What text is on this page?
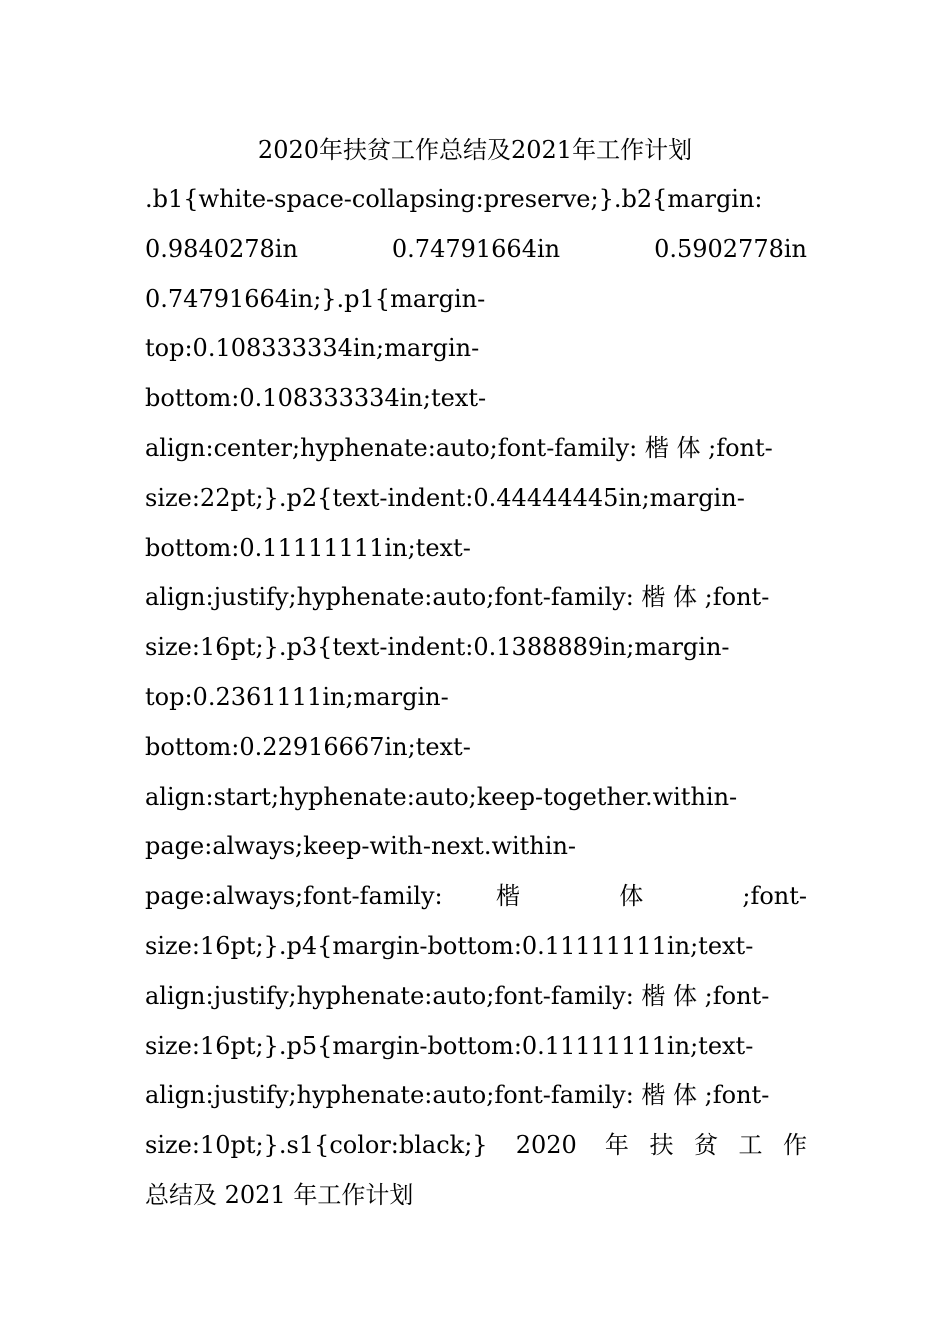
2020年扶贫工作总结及2021年工作计划
.b1{white-space-collapsing:preserve;}.b2{margin:
0.9840278in 0.74791664in 0.5902778in
0.74791664in;}.p1{margin-
top:0.108333334in;margin-
bottom:0.108333334in;text-
align:center;hyphenate:auto;font-family: 楷 体 ;font-
size:22pt;}.p2{text-indent:0.44444445in;margin-
bottom:0.11111111in;text-
align:justify;hyphenate:auto;font-family: 楷 体 ;font-
size:16pt;}.p3{text-indent:0.1388889in;margin-
top:0.2361111in;margin-
bottom:0.22916667in;text-
align:start;hyphenate:auto;keep-together.within-
page:always;keep-with-next.within-
page:always;font-family: 楷 体 ;font-
size:16pt;}.p4{margin-bottom:0.11111111in;text-
align:justify;hyphenate:auto;font-family: 楷 体 ;font-
size:16pt;}.p5{margin-bottom:0.11111111in;text-
align:justify;hyphenate:auto;font-family: 楷 体 ;font-
size:10pt;}.s1{color:black;} 2020 年扶贫工作
总结及 2021 年工作计划
